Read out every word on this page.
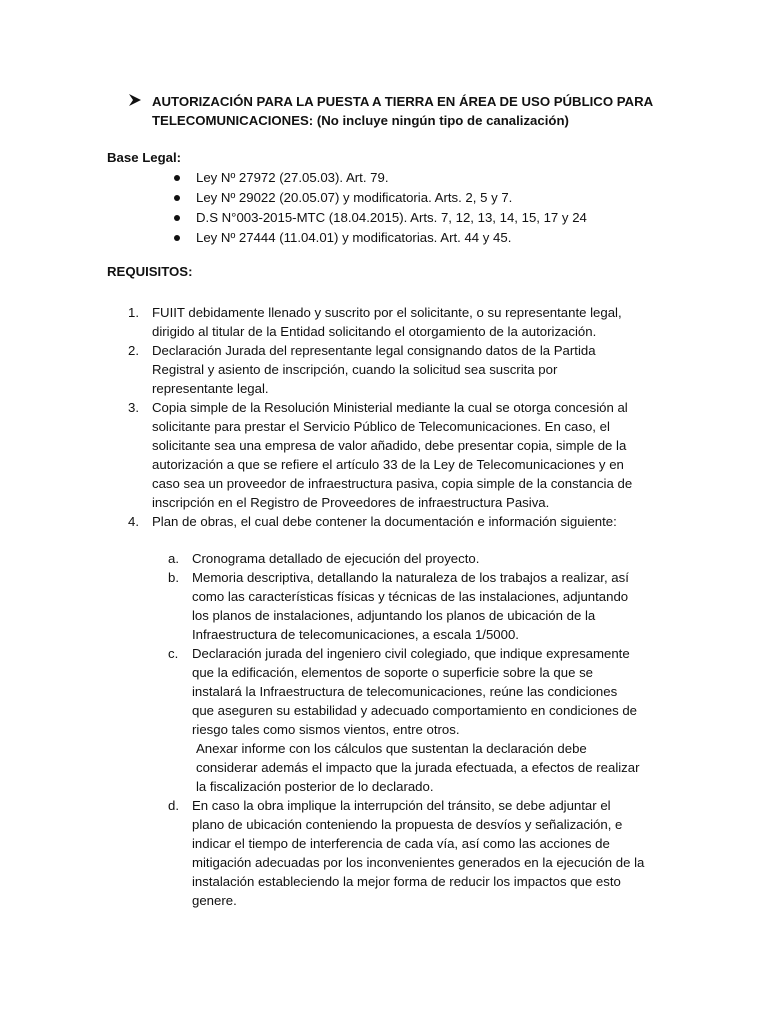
AUTORIZACIÓN PARA LA PUESTA A TIERRA EN ÁREA DE USO PÚBLICO PARA
TELECOMUNICACIONES: (No incluye ningún tipo de canalización)
Base Legal:
Ley Nº 27972 (27.05.03). Art. 79.
Ley Nº 29022 (20.05.07) y modificatoria. Arts. 2, 5 y 7.
D.S N°003-2015-MTC (18.04.2015). Arts. 7, 12, 13, 14, 15, 17 y 24
Ley Nº 27444 (11.04.01) y modificatorias. Art. 44 y 45.
REQUISITOS:
1. FUIIT debidamente llenado y suscrito por el solicitante, o su representante legal,
dirigido al titular de la Entidad solicitando el otorgamiento de la autorización.
2. Declaración Jurada del representante legal consignando datos de la Partida
Registral y asiento de inscripción, cuando la solicitud sea suscrita por
representante legal.
3. Copia simple de la Resolución Ministerial mediante la cual se otorga concesión al
solicitante para prestar el Servicio Público de Telecomunicaciones. En caso, el
solicitante sea una empresa de valor añadido, debe presentar copia, simple de la
autorización a que se refiere el artículo 33 de la Ley de Telecomunicaciones y en
caso sea un proveedor de infraestructura pasiva, copia simple de la constancia de
inscripción en el Registro de Proveedores de infraestructura Pasiva.
4. Plan de obras, el cual debe contener la documentación e información siguiente:
a. Cronograma detallado de ejecución del proyecto.
b. Memoria descriptiva, detallando la naturaleza de los trabajos a realizar, así
como las características físicas y técnicas de las instalaciones, adjuntando
los planos de instalaciones, adjuntando los planos de ubicación de la
Infraestructura de telecomunicaciones, a escala 1/5000.
c. Declaración jurada del ingeniero civil colegiado, que indique expresamente
que la edificación, elementos de soporte o superficie sobre la que se
instalará la Infraestructura de telecomunicaciones, reúne las condiciones
que aseguren su estabilidad y adecuado comportamiento en condiciones de
riesgo tales como sismos vientos, entre otros.
Anexar informe con los cálculos que sustentan la declaración debe
considerar además el impacto que la jurada efectuada, a efectos de realizar
la fiscalización posterior de lo declarado.
d. En caso la obra implique la interrupción del tránsito, se debe adjuntar el
plano de ubicación conteniendo la propuesta de desvíos y señalización, e
indicar el tiempo de interferencia de cada vía, así como las acciones de
mitigación adecuadas por los inconvenientes generados en la ejecución de la
instalación estableciendo la mejor forma de reducir los impactos que esto
genere.
